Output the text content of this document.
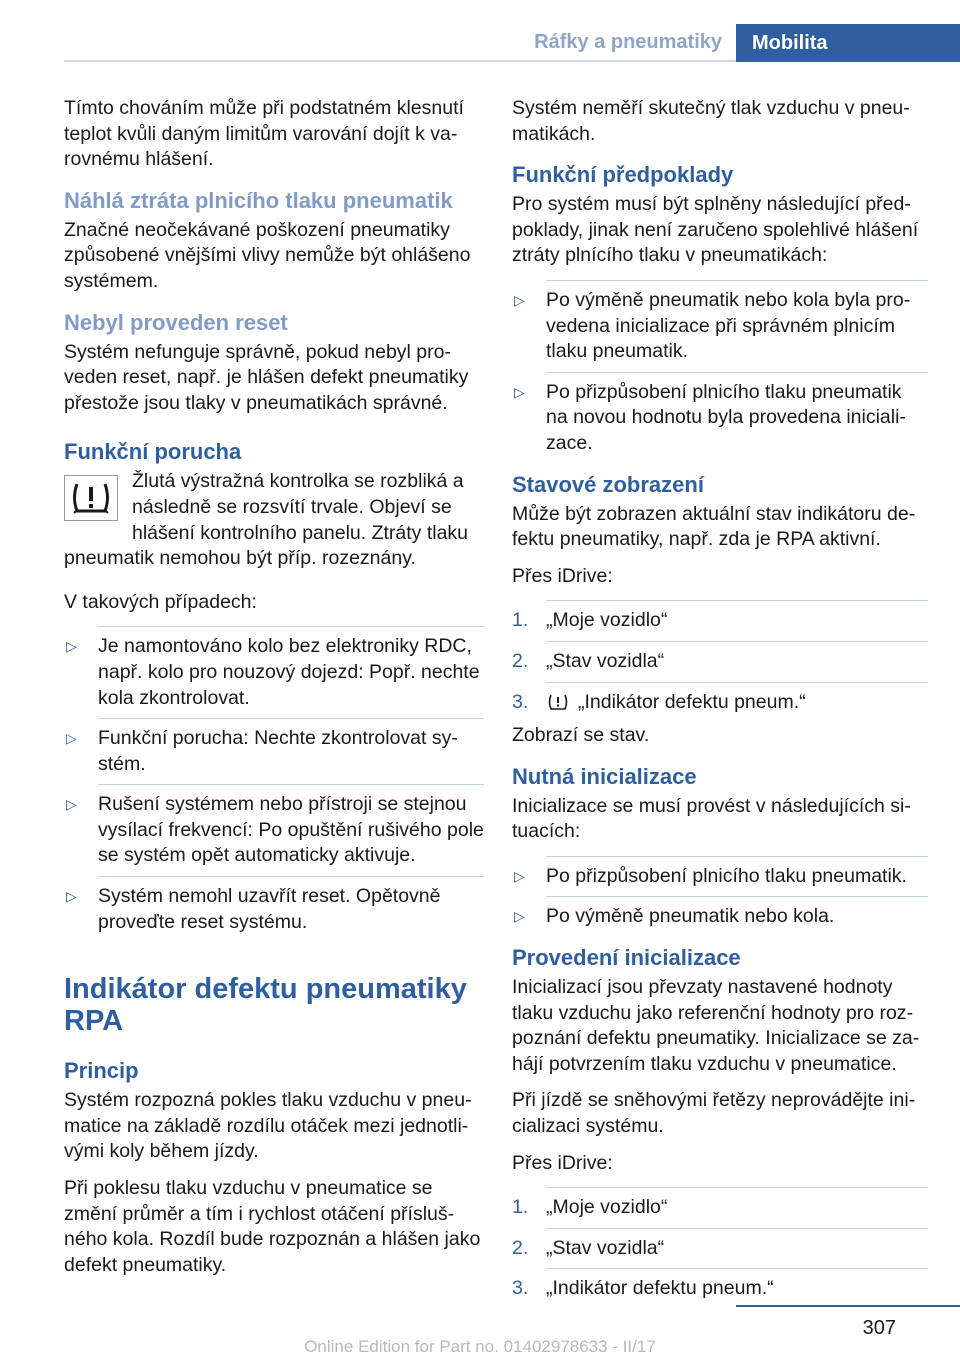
Ráfky a pneumatiky	Mobilita

Tímto chováním může při podstatném klesnutí teplot kvůli daným limitům varování dojít k varovnému hlášení.

Náhlá ztráta plnicího tlaku pneumatik

Značné neočekávané poškození pneumatiky způsobené vnějšími vlivy nemůže být ohlášeno systémem.

Nebyl proveden reset

Systém nefunguje správně, pokud nebyl proveden reset, např. je hlášen defekt pneumatiky přestože jsou tlaky v pneumatikách správné.

Funkční porucha
Žlutá výstražná kontrolka se rozbliká a následně se rozsvítí trvale. Objeví se hlášení kontrolního panelu. Ztráty tlaku pneumatik nemohou být příp. rozeznány.

V takových případech:

▷ Je namontováno kolo bez elektroniky RDC, např. kolo pro nouzový dojezd: Popř. nechte kola zkontrolovat.
▷ Funkční porucha: Nechte zkontrolovat systém.
▷ Rušení systémem nebo přístroji se stejnou vysílací frekvencí: Po opuštění rušivého pole se systém opět automaticky aktivuje.
▷ Systém nemohl uzavřít reset. Opětovně proveďte reset systému.
Indikátor defektu pneumatiky RPA
Princip

Systém rozpozná pokles tlaku vzduchu v pneumatice na základě rozdílu otáček mezi jednotlivými koly během jízdy.

Při poklesu tlaku vzduchu v pneumatice se změní průměr a tím i rychlost otáčení příslušného kola. Rozdíl bude rozpoznán a hlášen jako defekt pneumatiky.

Systém neměří skutečný tlak vzduchu v pneumatikách.

Funkční předpoklady

Pro systém musí být splněny následující předpoklady, jinak není zaručeno spolehlivé hlášení ztráty plnícího tlaku v pneumatikách:

▷ Po výměně pneumatik nebo kola byla provedena inicializace při správném plnicím tlaku pneumatik.
▷ Po přizpůsobení plnicího tlaku pneumatik na novou hodnotu byla provedena inicializace.
Stavové zobrazení

Může být zobrazen aktuální stav indikátoru defektu pneumatiky, např. zda je RPA aktivní.

Přes iDrive:

1. „Moje vozidlo“
2. „Stav vozidla“
3.	„Indikátor defektu pneum.“

Zobrazí se stav.

Nutná inicializace

Inicializace se musí provést v následujících situacích:

▷ Po přizpůsobení plnicího tlaku pneumatik.
▷ Po výměně pneumatik nebo kola.
Provedení inicializace

Inicializací jsou převzaty nastavené hodnoty tlaku vzduchu jako referenční hodnoty pro rozpoznání defektu pneumatiky. Inicializace se zahájí potvrzením tlaku vzduchu v pneumatice.

Při jízdě se sněhovými řetězy neprovádějte inicializaci systému.

Přes iDrive:

1. „Moje vozidlo“
2. „Stav vozidla“
3. „Indikátor defektu pneum.“
307
Online Edition for Part no. 01402978633 - II/17
